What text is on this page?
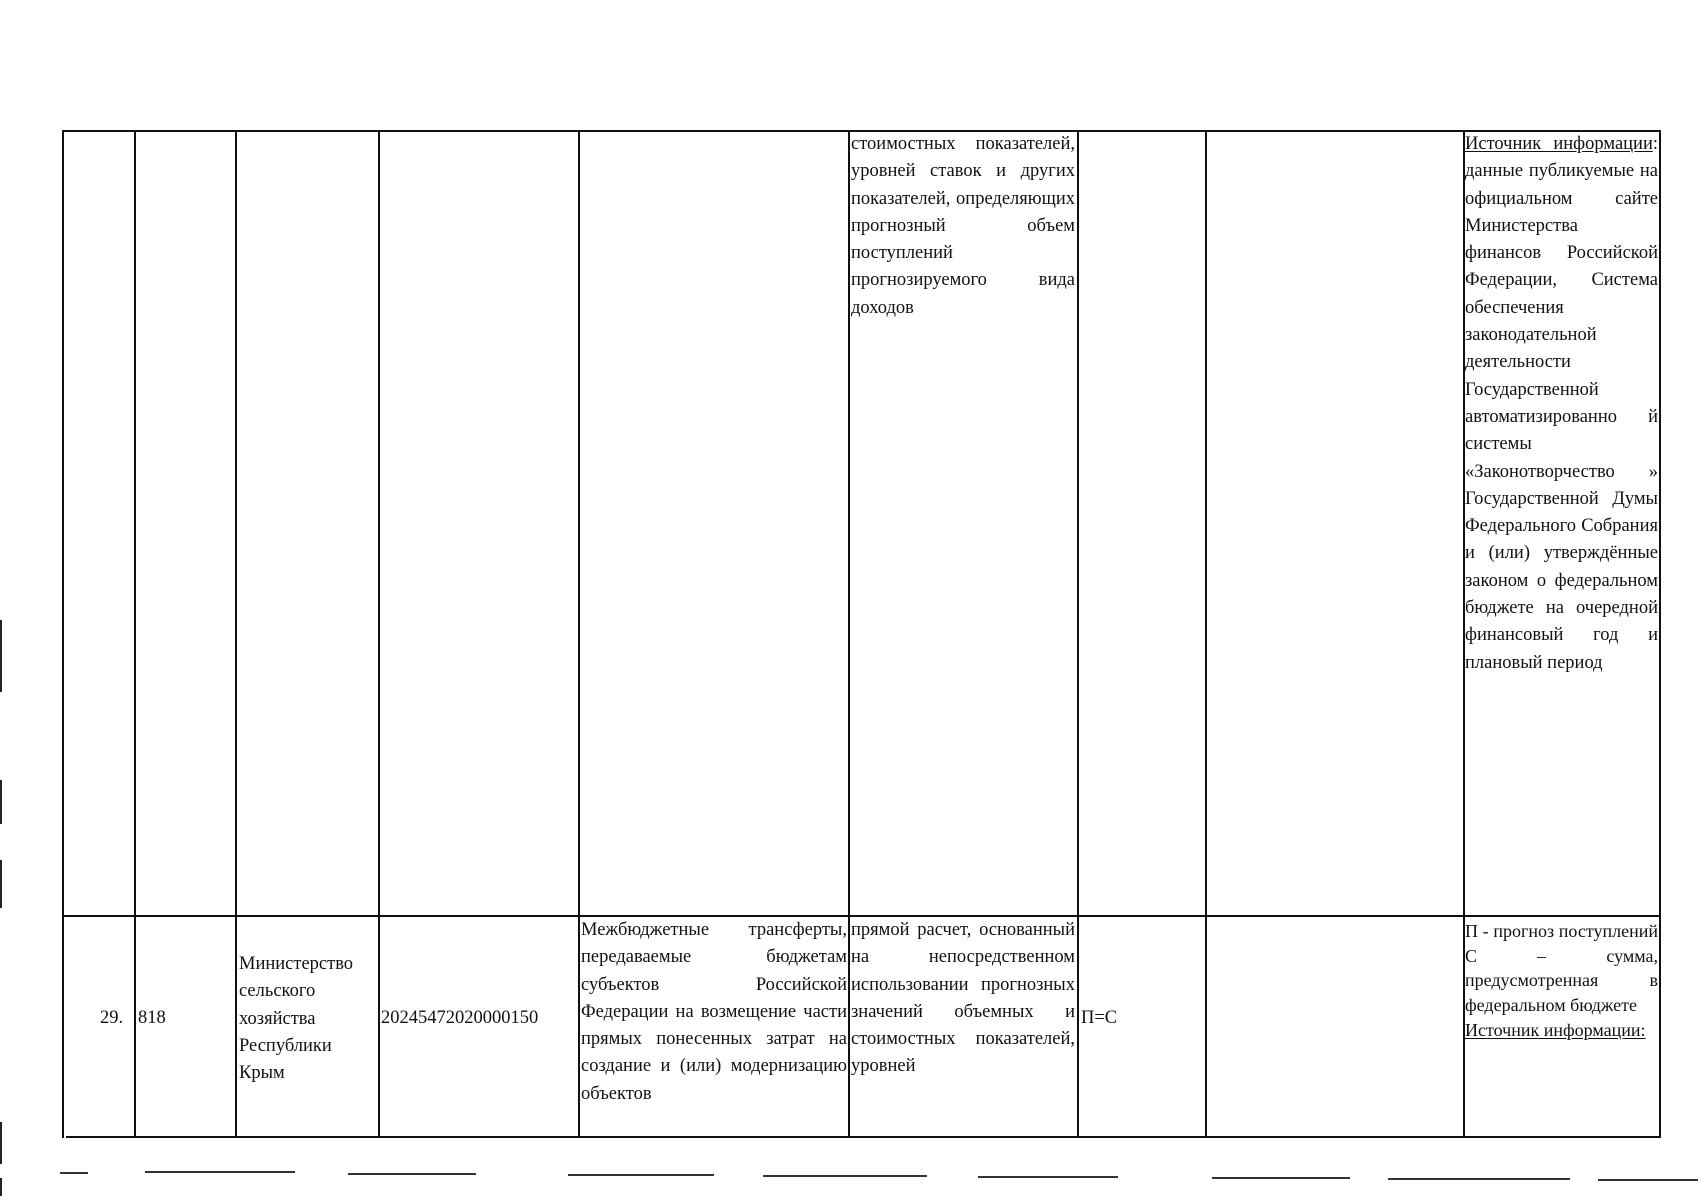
стоимостных показателей, уровней ставок и других показателей, определяющих прогнозный объем поступлений прогнозируемого вида доходов
Источник информации: данные публикуемые на официальном сайте Министерства финансов Российской Федерации, Система обеспечения законодательной деятельности Государственной автоматизированно й системы «Законотворчество » Государственной Думы Федерального Собрания и (или) утверждённые законом о федеральном бюджете на очередной финансовый год и плановый период
29. 818
Министерство сельского хозяйства Республики Крым
20245472020000150
Межбюджетные трансферты, передаваемые бюджетам субъектов Российской Федерации на возмещение части прямых понесенных затрат на создание и (или) модернизацию объектов
прямой расчет, основанный на непосредственном использовании прогнозных значений объемных и стоимостных показателей, уровней
П=С
П - прогноз поступлений С – сумма, предусмотренная в федеральном бюджете
Источник информации:
